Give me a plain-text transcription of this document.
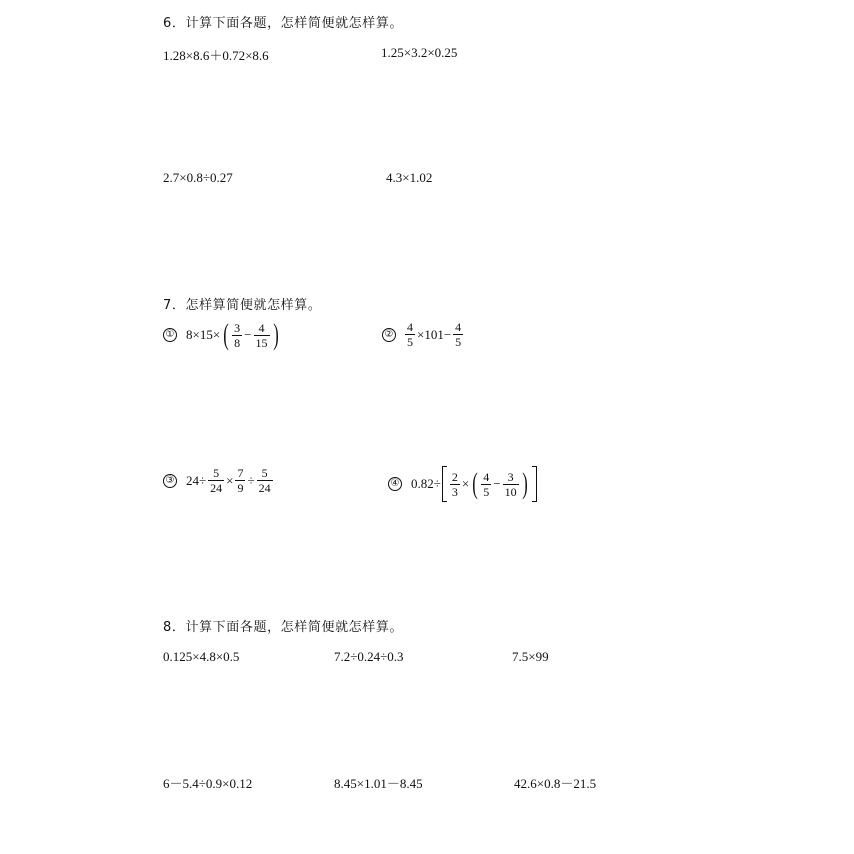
6．计算下面各题，怎样简便就怎样算。
1.28×8.6＋0.72×8.6	1.25×3.2×0.25
2.7×0.8÷0.27	4.3×1.02
7．怎样算简便就怎样算。
① 8×15× ( $\frac{3}{8} - \frac{4}{15}$ )	② $\frac{4}{5} \times 101- \frac{4}{5}$
③ $24\div \frac{5}{24} \times \frac{7}{9} \div \frac{5}{24}$	④ $0.82\div \frac{2}{3}$ × ( $\frac{4}{5} - \frac{3}{10}$ )
8．计算下面各题，怎样简便就怎样算。
0.125×4.8×0.5	7.2÷0.24÷0.3	7.5×99
6－5.4÷0.9×0.12	8.45×1.01－8.45	42.6×0.8－21.5
